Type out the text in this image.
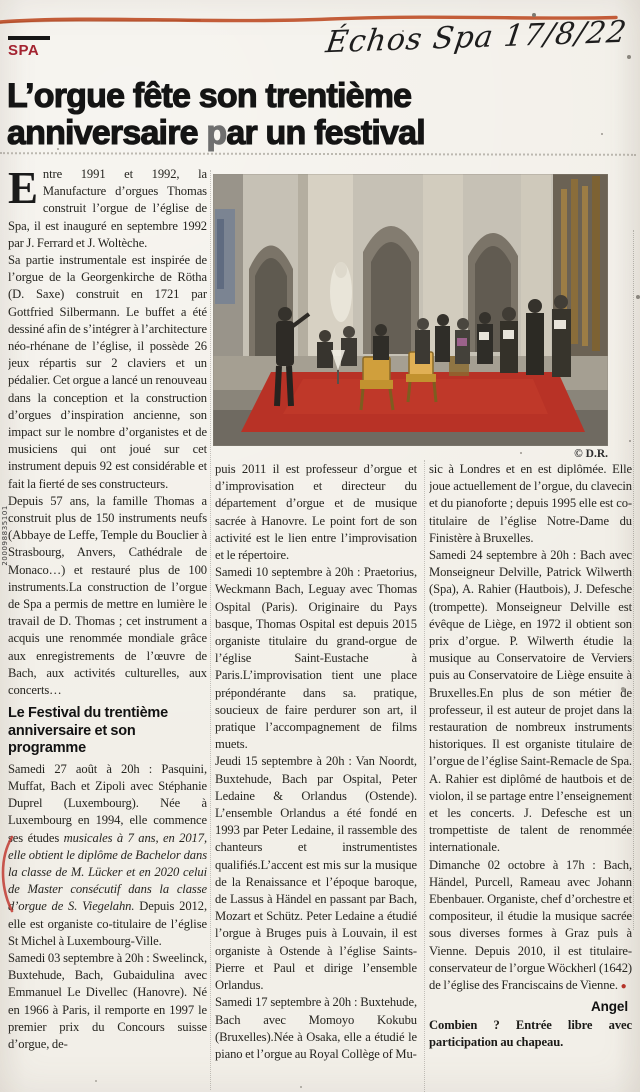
SPA	Échos Spa 17/8/22
L’orgue fête son trentième
anniversaire par un festival
© D.R.

Entre 1991 et 1992, la Manufacture d’orgues Thomas construit l’orgue de l’église de Spa, il est inauguré en septembre 1992 par J. Ferrard et J. Woltèche.

Sa partie instrumentale est inspirée de l’orgue de la Georgenkirche de Rötha (D. Saxe) construit en 1721 par Gottfried Silbermann. Le buffet a été dessiné afin de s’intégrer à l’architecture néo-rhénane de l’église, il possède 26 jeux répartis sur 2 claviers et un pédalier. Cet orgue a lancé un renouveau dans la conception et la construction d’orgues d’inspiration ancienne, son impact sur le nombre d’organistes et de musiciens qui ont joué sur cet instrument depuis 92 est considérable et fait la fierté de ses constructeurs.

Depuis 57 ans, la famille Thomas a construit plus de 150 instruments neufs (Abbaye de Leffe, Temple du Bouclier à Strasbourg, Anvers, Cathédrale de Monaco…) et restauré plus de 100 instruments.La construction de l’orgue de Spa a permis de mettre en lumière le travail de D. Thomas ; cet instrument a acquis une renommée mondiale grâce aux enregistrements de l’œuvre de Bach, aux activités culturelles, aux concerts…

Le Festival du trentième anniversaire et son programme

Samedi 27 août à 20h : Pasquini, Muffat, Bach et Zipoli avec Stéphanie Duprel (Luxembourg). Née à Luxembourg en 1994, elle commence ses études musicales à 7 ans, en 2017, elle obtient le diplôme de Bachelor dans la classe de M. Lücker et en 2020 celui de Master consécutif dans la classe d’orgue de S. Viegelahn. Depuis 2012, elle est organiste co-titulaire de l’église St Michel à Luxembourg-Ville.

Samedi 03 septembre à 20h : Sweelinck, Buxtehude, Bach, Gubaidulina avec Emmanuel Le Divellec (Hanovre). Né en 1966 à Paris, il remporte en 1997 le premier prix du Concours suisse d’orgue, de-

puis 2011 il est professeur d’orgue et d’improvisation et directeur du département d’orgue et de musique sacrée à Hanovre. Le point fort de son activité est le lien entre l’improvisation et le répertoire.

Samedi 10 septembre à 20h : Praetorius, Weckmann Bach, Leguay avec Thomas Ospital (Paris). Originaire du Pays basque, Thomas Ospital est depuis 2015 organiste titulaire du grand-orgue de l’église Saint-Eustache à Paris.L’improvisation tient une place prépondérante dans sa. pratique, soucieux de faire perdurer son art, il pratique l’accompagnement de films muets.

Jeudi 15 septembre à 20h : Van Noordt, Buxtehude, Bach par Ospital, Peter Ledaine & Orlandus (Ostende). L’ensemble Orlandus a été fondé en 1993 par Peter Ledaine, il rassemble des chanteurs et instrumentistes qualifiés.L’accent est mis sur la musique de la Renaissance et l’époque baroque, de Lassus à Händel en passant par Bach, Mozart et Schütz. Peter Ledaine a étudié l’orgue à Bruges puis à Louvain, il est organiste à Ostende à l’église Saints-Pierre et Paul et dirige l’ensemble Orlandus.

Samedi 17 septembre à 20h : Buxtehude, Bach avec Momoyo Kokubu (Bruxelles).Née à Osaka, elle a étudié le piano et l’orgue au Royal Collège of Mu-

sic à Londres et en est diplômée. Elle joue actuellement de l’orgue, du clavecin et du pianoforte ; depuis 1995 elle est co-titulaire de l’église Notre-Dame du Finistère à Bruxelles.

Samedi 24 septembre à 20h : Bach avec Monseigneur Delville, Patrick Wilwerth (Spa), A. Rahier (Hautbois), J. Defesche (trompette). Monseigneur Delville est évêque de Liège, en 1972 il obtient son prix d’orgue. P. Wilwerth étudie la musique au Conservatoire de Verviers puis au Conservatoire de Liège ensuite à Bruxelles.En plus de son métier de professeur, il est auteur de projet dans la restauration de nombreux instruments historiques. Il est organiste titulaire de l’orgue de l’église Saint-Remacle de Spa. A. Rahier est diplômé de hautbois et de violon, il se partage entre l’enseignement et les concerts. J. Defesche est un trompettiste de talent de renommée internationale.

Dimanche 02 octobre à 17h : Bach, Händel, Purcell, Rameau avec Johann Ebenbauer. Organiste, chef d’orchestre et compositeur, il étudie la musique sacrée sous diverses formes à Graz puis à Vienne. Depuis 2010, il est titulaire-conservateur de l’orgue Wöckherl (1642) de l’église des Franciscains de Vienne. ●

Angel

Combien ? Entrée libre avec participation au chapeau.

200098835101
